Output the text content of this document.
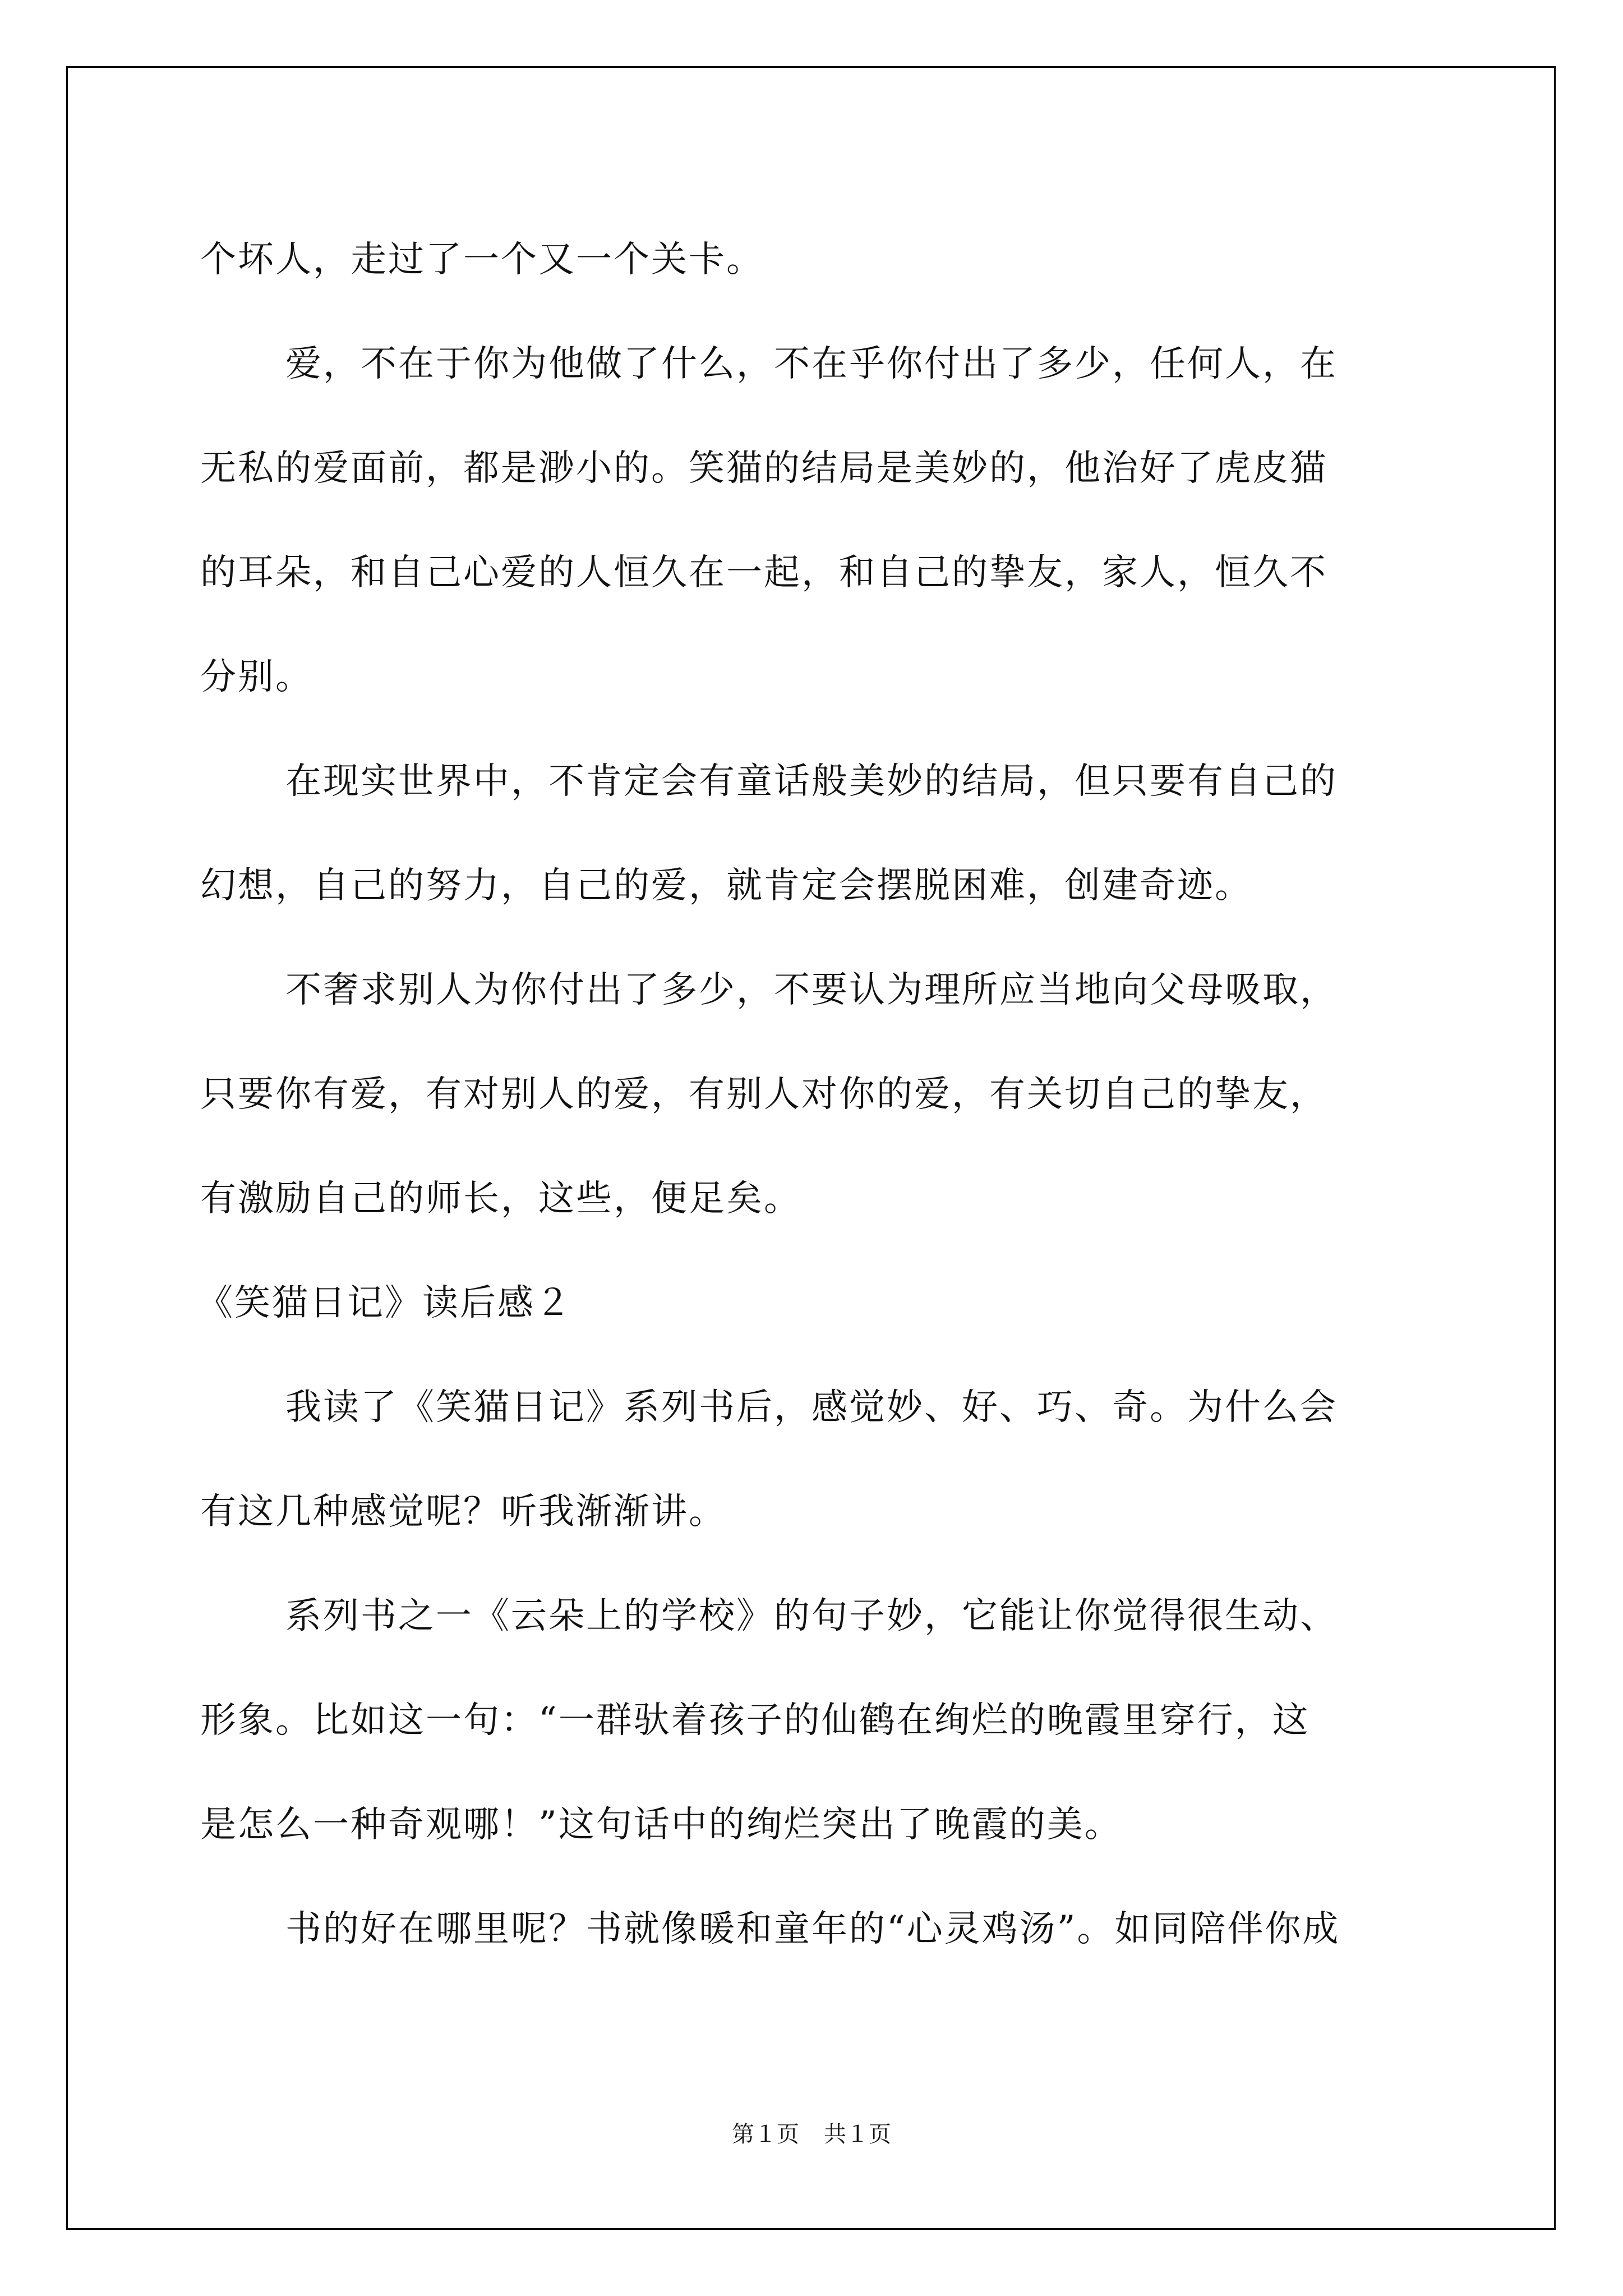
个坏人，走过了一个又一个关卡。
爱，不在于你为他做了什么，不在乎你付出了多少，任何人，在
无私的爱面前，都是渺小的。笑猫的结局是美妙的，他治好了虎皮猫
的耳朵，和自己心爱的人恒久在一起，和自己的挚友，家人，恒久不
分别。
在现实世界中，不肯定会有童话般美妙的结局，但只要有自己的
幻想，自己的努力，自己的爱，就肯定会摆脱困难，创建奇迹。
不奢求别人为你付出了多少，不要认为理所应当地向父母吸取，
只要你有爱，有对别人的爱，有别人对你的爱，有关切自己的挚友，
有激励自己的师长，这些，便足矣。
《笑猫日记》读后感２
我读了《笑猫日记》系列书后，感觉妙、好、巧、奇。为什么会
有这几种感觉呢？听我渐渐讲。
系列书之一《云朵上的学校》的句子妙，它能让你觉得很生动、
形象。比如这一句：“一群驮着孩子的仙鹤在绚烂的晚霞里穿行，这
是怎么一种奇观哪！”这句话中的绚烂突出了晚霞的美。
书的好在哪里呢？书就像暖和童年的“心灵鸡汤”。如同陪伴你成
第１页 共１页
